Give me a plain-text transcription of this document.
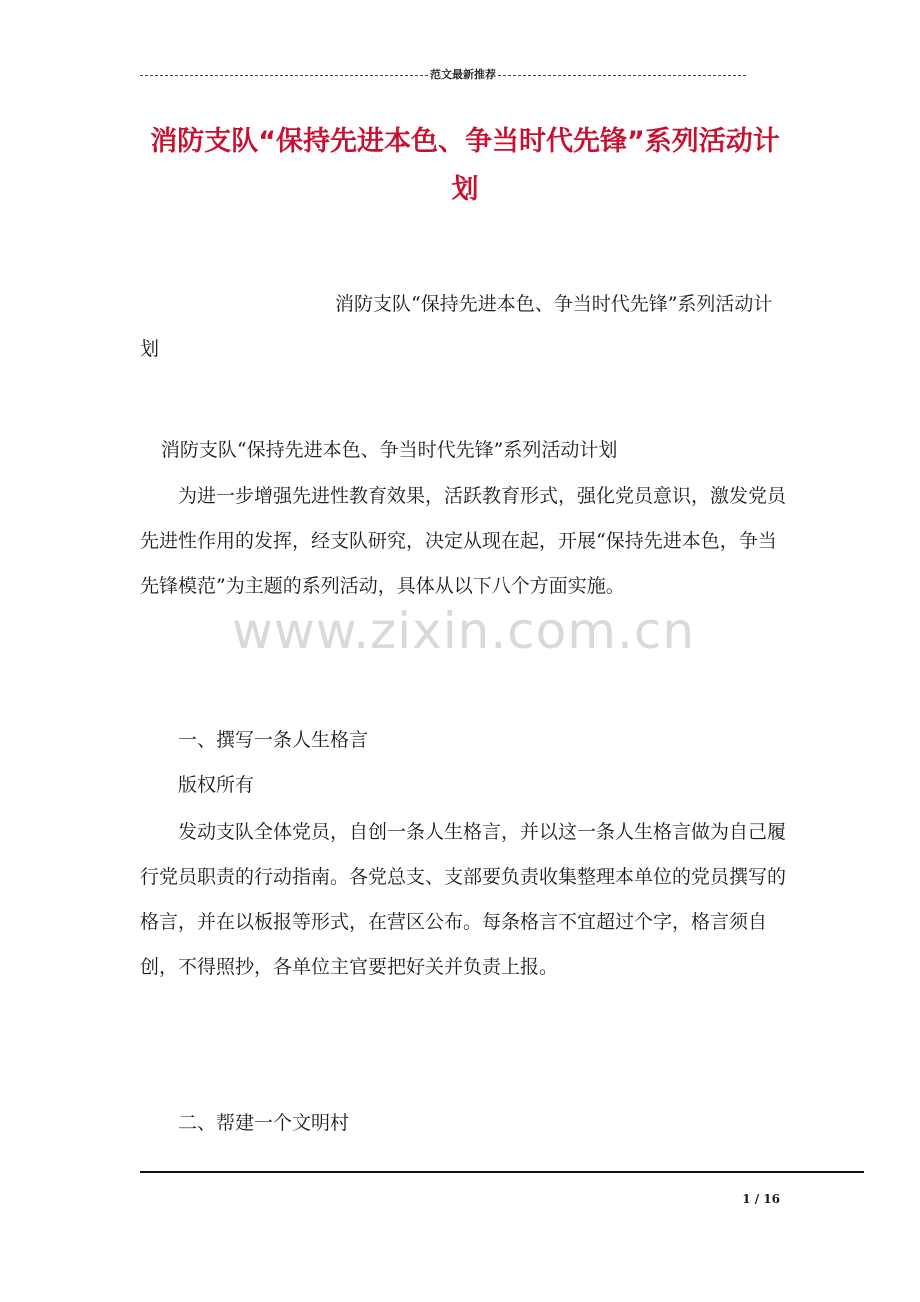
范文最新推荐
消防支队“保持先进本色、争当时代先锋”系列活动计划

消防支队“保持先进本色、争当时代先锋”系列活动计划

消防支队“保持先进本色、争当时代先锋”系列活动计划

为进一步增强先进性教育效果，活跃教育形式，强化党员意识，激发党员先进性作用的发挥，经支队研究，决定从现在起，开展“保持先进本色，争当先锋模范”为主题的系列活动，具体从以下八个方面实施。

www.zixin.com.cn

一、撰写一条人生格言

版权所有

发动支队全体党员，自创一条人生格言，并以这一条人生格言做为自己履行党员职责的行动指南。各党总支、支部要负责收集整理本单位的党员撰写的格言，并在以板报等形式，在营区公布。每条格言不宜超过个字，格言须自创，不得照抄，各单位主官要把好关并负责上报。

二、帮建一个文明村

1 / 16
